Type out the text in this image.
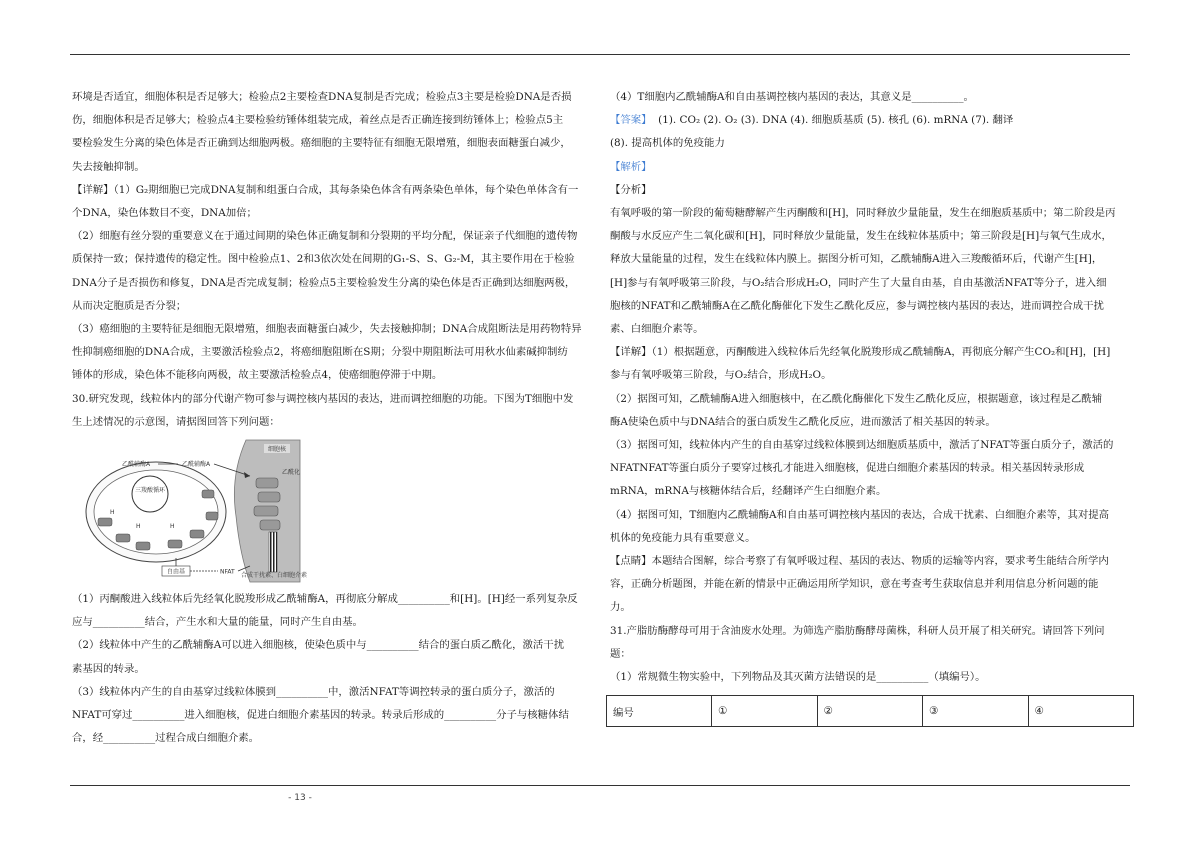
环境是否适宜，细胞体积是否足够大；检验点2主要检查DNA复制是否完成；检验点3主要是检验DNA是否损

伤，细胞体积是否足够大；检验点4主要检验纺锤体组装完成，着丝点是否正确连接到纺锤体上；检验点5主

要检验发生分离的染色体是否正确到达细胞两极。癌细胞的主要特征有细胞无限增殖，细胞表面糖蛋白减少，

失去接触抑制。

【详解】（1）G₂期细胞已完成DNA复制和组蛋白合成，其每条染色体含有两条染色单体，每个染色单体含有一

个DNA，染色体数目不变，DNA加倍；

（2）细胞有丝分裂的重要意义在于通过间期的染色体正确复制和分裂期的平均分配，保证亲子代细胞的遗传物

质保持一致；保持遗传的稳定性。图中检验点1、2和3依次处在间期的G₁-S、S、G₂-M，其主要作用在于检验

DNA分子是否损伤和修复，DNA是否完成复制；检验点5主要检验发生分离的染色体是否正确到达细胞两极，

从而决定胞质是否分裂；

（3）癌细胞的主要特征是细胞无限增殖，细胞表面糖蛋白减少，失去接触抑制；DNA合成阻断法是用药物特异

性抑制癌细胞的DNA合成，主要激活检验点2，将癌细胞阻断在S期；分裂中期阻断法可用秋水仙素碱抑制纺

锤体的形成，染色体不能移向两极，故主要激活检验点4，使癌细胞停滞于中期。

30.研究发现，线粒体内的部分代谢产物可参与调控核内基因的表达，进而调控细胞的功能。下图为T细胞中发

生上述情况的示意图，请据图回答下列问题：

细胞核
乙酰化
合成干扰素、白细胞介素
三羧酸循环
乙酰辅酶A	乙酰辅酶A
H
H	H
自由基	NFAT

（1）丙酮酸进入线粒体后先经氧化脱羧形成乙酰辅酶A，再彻底分解成__________和[H]。[H]经一系列复杂反

应与__________结合，产生水和大量的能量，同时产生自由基。

（2）线粒体中产生的乙酰辅酶A可以进入细胞核，使染色质中与__________结合的蛋白质乙酰化，激活干扰

素基因的转录。

（3）线粒体内产生的自由基穿过线粒体膜到__________中，激活NFAT等调控转录的蛋白质分子，激活的

NFAT可穿过__________进入细胞核，促进白细胞介素基因的转录。转录后形成的__________分子与核糖体结

合，经__________过程合成白细胞介素。

（4）T细胞内乙酰辅酶A和自由基调控核内基因的表达，其意义是__________。

【答案】 (1). CO₂ (2). O₂ (3). DNA (4). 细胞质基质 (5). 核孔 (6). mRNA (7). 翻译

(8). 提高机体的免疫能力

【解析】

【分析】

有氧呼吸的第一阶段的葡萄糖酵解产生丙酮酸和[H]，同时释放少量能量，发生在细胞质基质中；第二阶段是丙

酮酸与水反应产生二氧化碳和[H]，同时释放少量能量，发生在线粒体基质中；第三阶段是[H]与氧气生成水，

释放大量能量的过程，发生在线粒体内膜上。据图分析可知，乙酰辅酶A进入三羧酸循环后，代谢产生[H]，

[H]参与有氧呼吸第三阶段，与O₂结合形成H₂O，同时产生了大量自由基，自由基激活NFAT等分子，进入细

胞核的NFAT和乙酰辅酶A在乙酰化酶催化下发生乙酰化反应，参与调控核内基因的表达，进而调控合成干扰

素、白细胞介素等。

【详解】（1）根据题意，丙酮酸进入线粒体后先经氧化脱羧形成乙酰辅酶A，再彻底分解产生CO₂和[H]，[H]

参与有氧呼吸第三阶段，与O₂结合，形成H₂O。

（2）据图可知，乙酰辅酶A进入细胞核中，在乙酰化酶催化下发生乙酰化反应，根据题意，该过程是乙酰辅

酶A使染色质中与DNA结合的蛋白质发生乙酰化反应，进而激活了相关基因的转录。

（3）据图可知，线粒体内产生的自由基穿过线粒体膜到达细胞质基质中，激活了NFAT等蛋白质分子，激活的

NFATNFAT等蛋白质分子要穿过核孔才能进入细胞核，促进白细胞介素基因的转录。相关基因转录形成

mRNA，mRNA与核糖体结合后，经翻译产生白细胞介素。

（4）据图可知，T细胞内乙酰辅酶A和自由基可调控核内基因的表达，合成干扰素、白细胞介素等，其对提高

机体的免疫能力具有重要意义。

【点睛】本题结合图解，综合考察了有氧呼吸过程、基因的表达、物质的运输等内容，要求考生能结合所学内

容，正确分析题图，并能在新的情景中正确运用所学知识，意在考查考生获取信息并利用信息分析问题的能

力。

31.产脂肪酶酵母可用于含油废水处理。为筛选产脂肪酶酵母菌株，科研人员开展了相关研究。请回答下列问

题：

（1）常规微生物实验中，下列物品及其灭菌方法错误的是__________（填编号）。

编号	①	②	③	④
- 13 -
